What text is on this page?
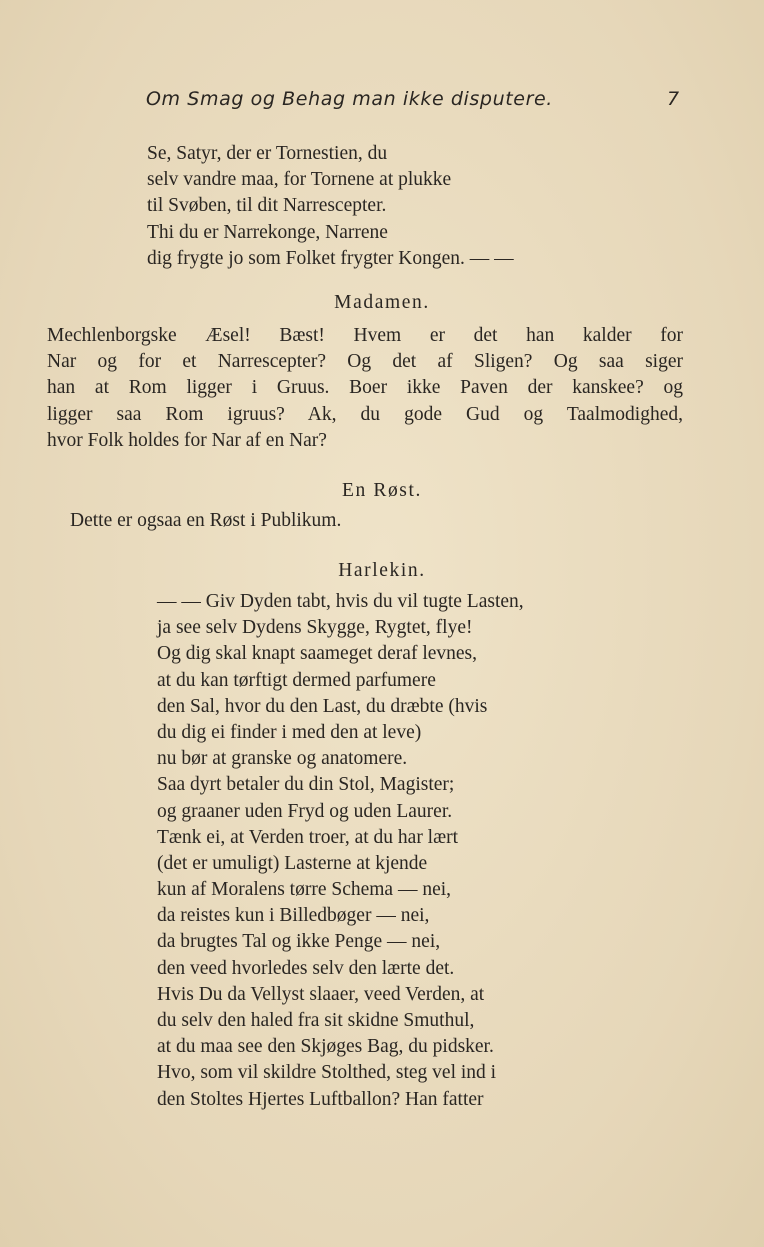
Om Smag og Behag man ikke disputere.	7
Se, Satyr, der er Tornestien, du
selv vandre maa, for Tornene at plukke
til Svøben, til dit Narrescepter.
Thi du er Narrekonge, Narrene
dig frygte jo som Folket frygter Kongen. — —
Madamen.
Mechlenborgske Æsel! Bæst! Hvem er det han kalder for
Nar og for et Narrescepter? Og det af Sligen? Og saa siger
han at Rom ligger i Gruus. Boer ikke Paven der kanskee? og
ligger saa Rom igruus? Ak, du gode Gud og Taalmodighed,
hvor Folk holdes for Nar af en Nar?
En Røst.
Dette er ogsaa en Røst i Publikum.
Harlekin.
— — Giv Dyden tabt, hvis du vil tugte Lasten,
ja see selv Dydens Skygge, Rygtet, flye!
Og dig skal knapt saameget deraf levnes,
at du kan tørftigt dermed parfumere
den Sal, hvor du den Last, du dræbte (hvis
du dig ei finder i med den at leve)
nu bør at granske og anatomere.
Saa dyrt betaler du din Stol, Magister;
og graaner uden Fryd og uden Laurer.
Tænk ei, at Verden troer, at du har lært
(det er umuligt) Lasterne at kjende
kun af Moralens tørre Schema — nei,
da reistes kun i Billedbøger — nei,
da brugtes Tal og ikke Penge — nei,
den veed hvorledes selv den lærte det.
Hvis Du da Vellyst slaaer, veed Verden, at
du selv den haled fra sit skidne Smuthul,
at du maa see den Skjøges Bag, du pidsker.
Hvo, som vil skildre Stolthed, steg vel ind i
den Stoltes Hjertes Luftballon? Han fatter
